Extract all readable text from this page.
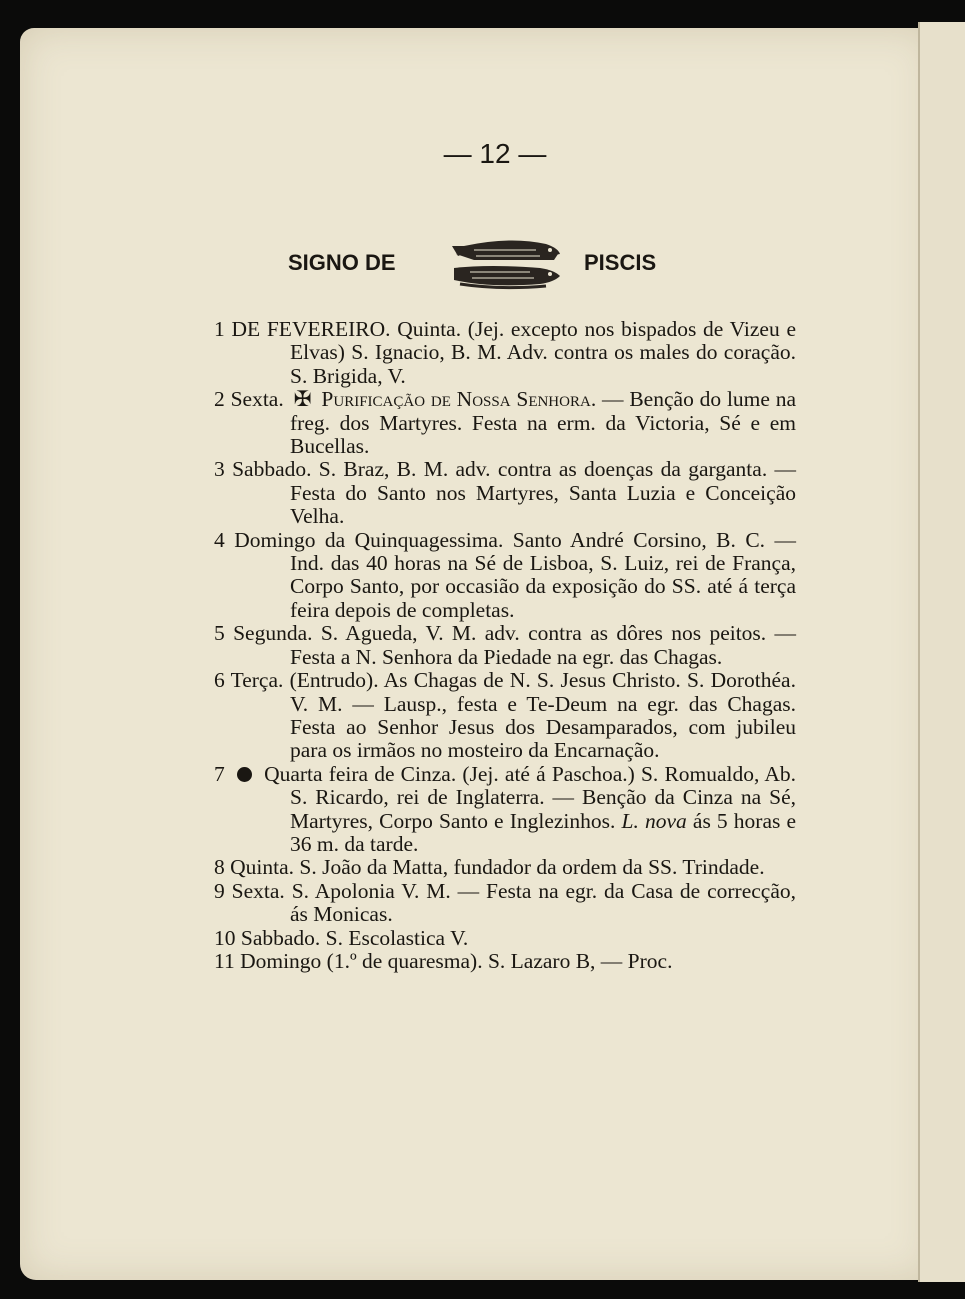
— 12 —
SIGNO DE	PISCIS
1 DE FEVEREIRO. Quinta. (Jej. excepto nos bispados de Vizeu e Elvas) S. Ignacio, B. M. Adv. contra os males do coração. S. Brigida, V.
2 Sexta. ✠ Purificação de Nossa Senhora. — Benção do lume na freg. dos Martyres. Festa na erm. da Victoria, Sé e em Bucellas.
3 Sabbado. S. Braz, B. M. adv. contra as doenças da garganta. — Festa do Santo nos Martyres, Santa Luzia e Conceição Velha.
4 Domingo da Quinquagessima. Santo André Corsino, B. C. — Ind. das 40 horas na Sé de Lisboa, S. Luiz, rei de França, Corpo Santo, por occasião da exposição do SS. até á terça feira depois de completas.
5 Segunda. S. Agueda, V. M. adv. contra as dôres nos peitos. — Festa a N. Senhora da Piedade na egr. das Chagas.
6 Terça. (Entrudo). As Chagas de N. S. Jesus Christo. S. Dorothéa. V. M. — Lausp., festa e Te-Deum na egr. das Chagas. Festa ao Senhor Jesus dos Desamparados, com jubileu para os irmãos no mosteiro da Encarnação.
7 Quarta feira de Cinza. (Jej. até á Paschoa.) S. Romualdo, Ab. S. Ricardo, rei de Inglaterra. — Benção da Cinza na Sé, Martyres, Corpo Santo e Inglezinhos. L. nova ás 5 horas e 36 m. da tarde.
8 Quinta. S. João da Matta, fundador da ordem da SS. Trindade.
9 Sexta. S. Apolonia V. M. — Festa na egr. da Casa de correcção, ás Monicas.
10 Sabbado. S. Escolastica V.
11 Domingo (1.º de quaresma). S. Lazaro B, — Proc.
